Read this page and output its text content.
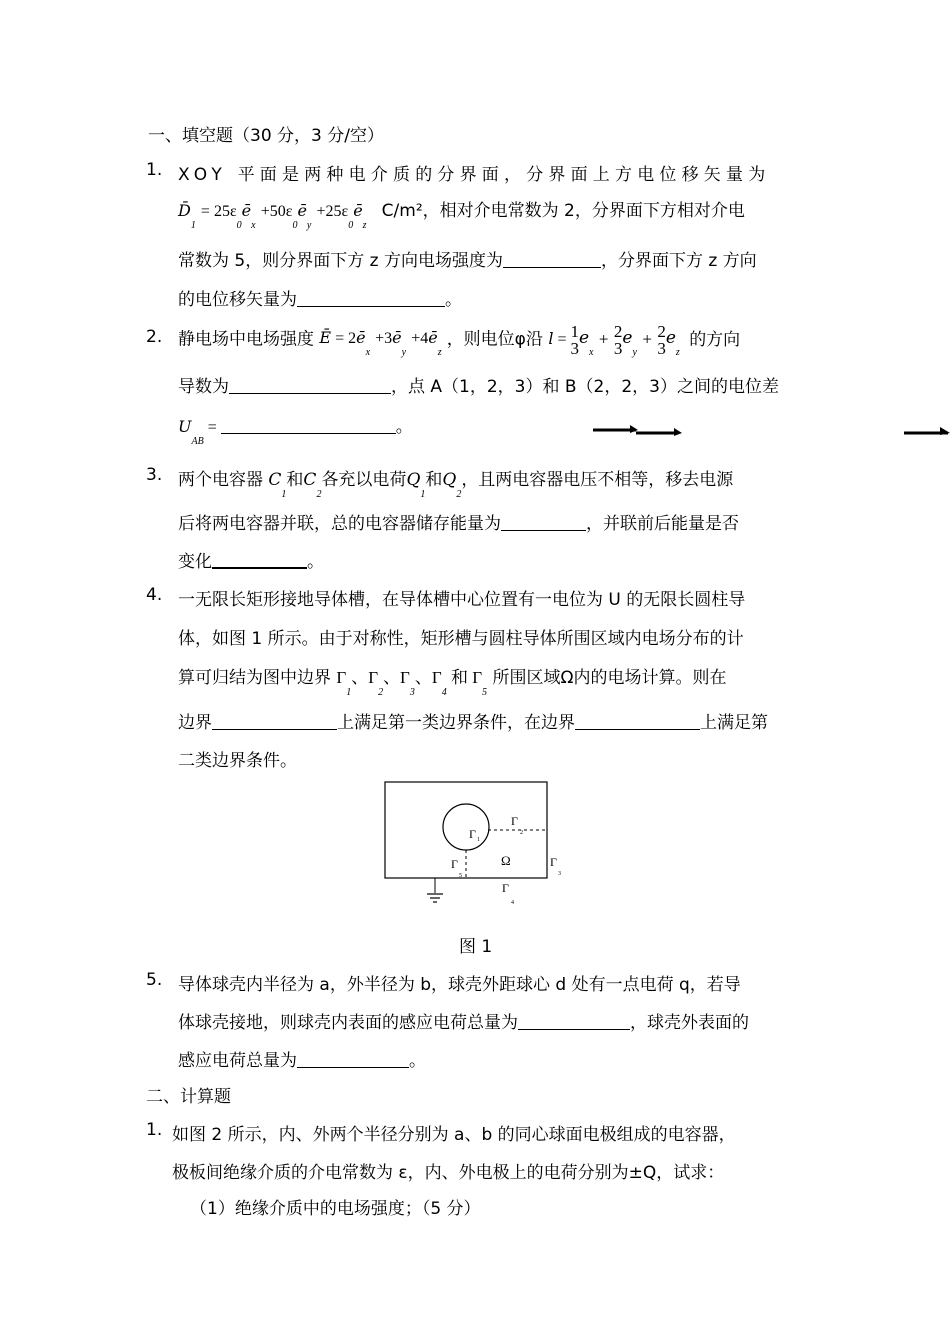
一、填空题（30 分，3 分/空）
1. XOY 平面是两种电介质的分界面，分界面上方电位移矢量为
$D̄_1$ = $25\varepsilon_0ē_x$ $+50\varepsilon_0ē_y$ $+25\varepsilon_0ē_z$ C/m²，相对介电常数为 2，分界面下方相对介电
常数为 5，则分界面下方 z 方向电场强度为	，分界面下方 z 方向
的电位移矢量为	。
2. 静电场中电场强度 Ē = $2ē_x$ $+3ē_y$ $+4ē_z$ ，则电位φ沿 l = 1
$3e_x + 2$
$3e_y + 2$
$3e_z$ 的方向
导数为	，点 A（1，2，3）和 B（2，2，3）之间的电位差
$U_{AB}$ =	。
3. 两个电容器 $C_1$和$C_2$各充以电荷$Q_1$和$Q_2$，且两电容器电压不相等，移去电源
后将两电容器并联，总的电容器储存能量为	，并联前后能量是否
变化	。
4. 一无限长矩形接地导体槽，在导体槽中心位置有一电位为 U 的无限长圆柱导
体，如图 1 所示。由于对称性，矩形槽与圆柱导体所围区域内电场分布的计
算可归结为图中边界 $\Gamma_1$、$\Gamma_2$、$\Gamma_3$、$\Gamma_4$ 和 $\Gamma_5$ 所围区域Ω内的电场计算。则在
边界	上满足第一类边界条件，在边界	上满足第
二类边界条件。
Γ 1
Γ
2
Γ
3
Γ
4
Γ
5
Ω
图 1
5. 导体球壳内半径为 a，外半径为 b，球壳外距球心 d 处有一点电荷 q，若导
体球壳接地，则球壳内表面的感应电荷总量为	，球壳外表面的
感应电荷总量为	。
二、计算题
1. 如图 2 所示，内、外两个半径分别为 a、b 的同心球面电极组成的电容器，
极板间绝缘介质的介电常数为 ε，内、外电极上的电荷分别为±Q，试求：
（1）绝缘介质中的电场强度；（5 分）
